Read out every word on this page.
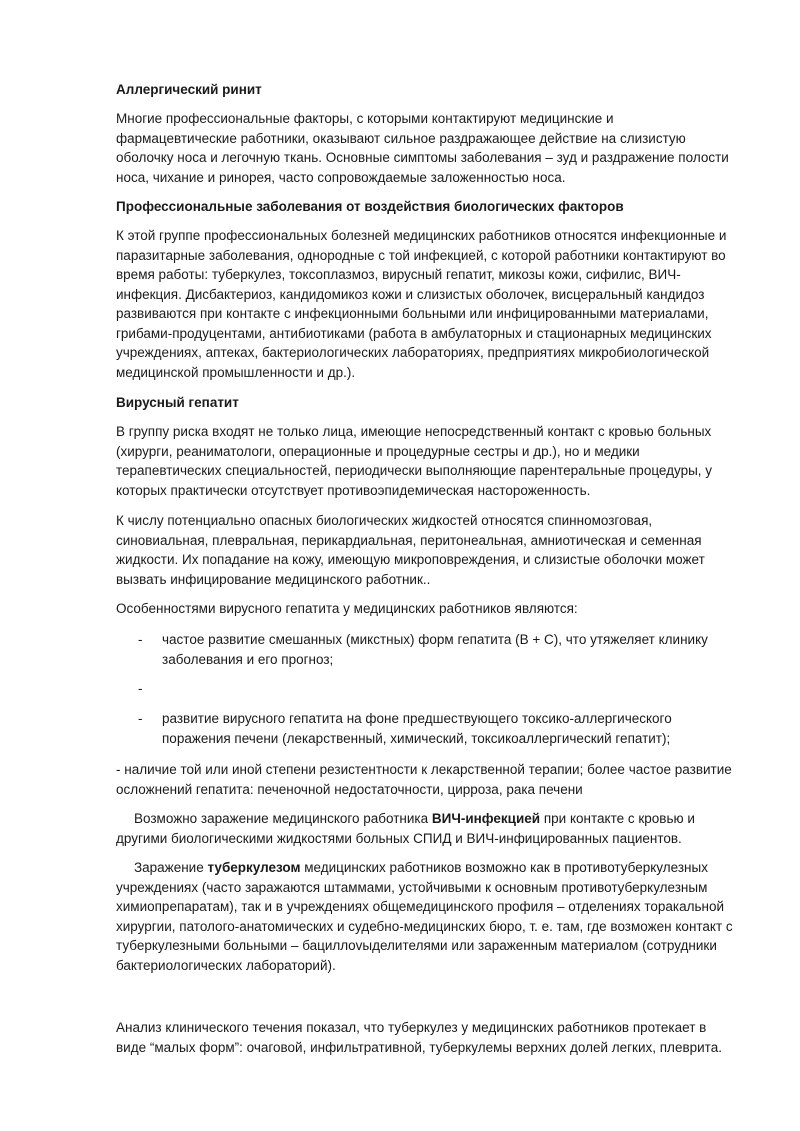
Аллергический ринит
Многие профессиональные факторы, с которыми контактируют медицинские и фармацевтические работники, оказывают сильное раздражающее действие на слизистую оболочку носа и легочную ткань. Основные симптомы заболевания – зуд и раздражение полости носа, чихание и ринорея, часто сопровождаемые заложенностью носа.
Профессиональные заболевания от воздействия биологических факторов
К этой группе профессиональных болезней медицинских работников относятся инфекционные и паразитарные заболевания, однородные с той инфекцией, с которой работники контактируют во время работы: туберкулез, токсоплазмоз, вирусный гепатит, микозы кожи, сифилис, ВИЧ-инфекция. Дисбактериоз, кандидомикоз кожи и слизистых оболочек, висцеральный кандидоз развиваются при контакте с инфекционными больными или инфицированными материалами, грибами-продуцентами, антибиотиками (работа в амбулаторных и стационарных медицинских учреждениях, аптеках, бактериологических лабораториях, предприятиях микробиологической медицинской промышленности и др.).
Вирусный гепатит
В группу риска входят не только лица, имеющие непосредственный контакт с кровью больных (хирурги, реаниматологи, операционные и процедурные сестры и др.), но и медики терапевтических специальностей, периодически выполняющие парентеральные процедуры, у которых практически отсутствует противоэпидемическая настороженность.
К числу потенциально опасных биологических жидкостей относятся спинномозговая, синовиальная, плевральная, перикардиальная, перитонеальная, амниотическая и семенная жидкости. Их попадание на кожу, имеющую микроповреждения, и слизистые оболочки может вызвать инфицирование медицинского работник..
Особенностями вирусного гепатита у медицинских работников являются:
- частое развитие смешанных (микстных) форм гепатита (В + С), что утяжеляет клинику заболевания и его прогноз;
-
- развитие вирусного гепатита на фоне предшествующего токсико-аллергического поражения печени (лекарственный, химический, токсикоаллергический гепатит);
- наличие той или иной степени резистентности к лекарственной терапии; более частое развитие осложнений гепатита: печеночной недостаточности, цирроза, рака печени
Возможно заражение медицинского работника ВИЧ-инфекцией при контакте с кровью и другими биологическими жидкостями больных СПИД и ВИЧ-инфицированных пациентов.
Заражение туберкулезом медицинских работников возможно как в противотуберкулезных учреждениях (часто заражаются штаммами, устойчивыми к основным противотуберкулезным химиопрепаратам), так и в учреждениях общемедицинского профиля – отделениях торакальной хирургии, патолого-анатомических и судебно-медицинских бюро, т. е. там, где возможен контакт с туберкулезными больными – бациллovыделителями или зараженным материалом (сотрудники бактериологических лабораторий).
Анализ клинического течения показал, что туберкулез у медицинских работников протекает в виде “малых форм”: очаговой, инфильтративной, туберкулемы верхних долей легких, плеврита.
